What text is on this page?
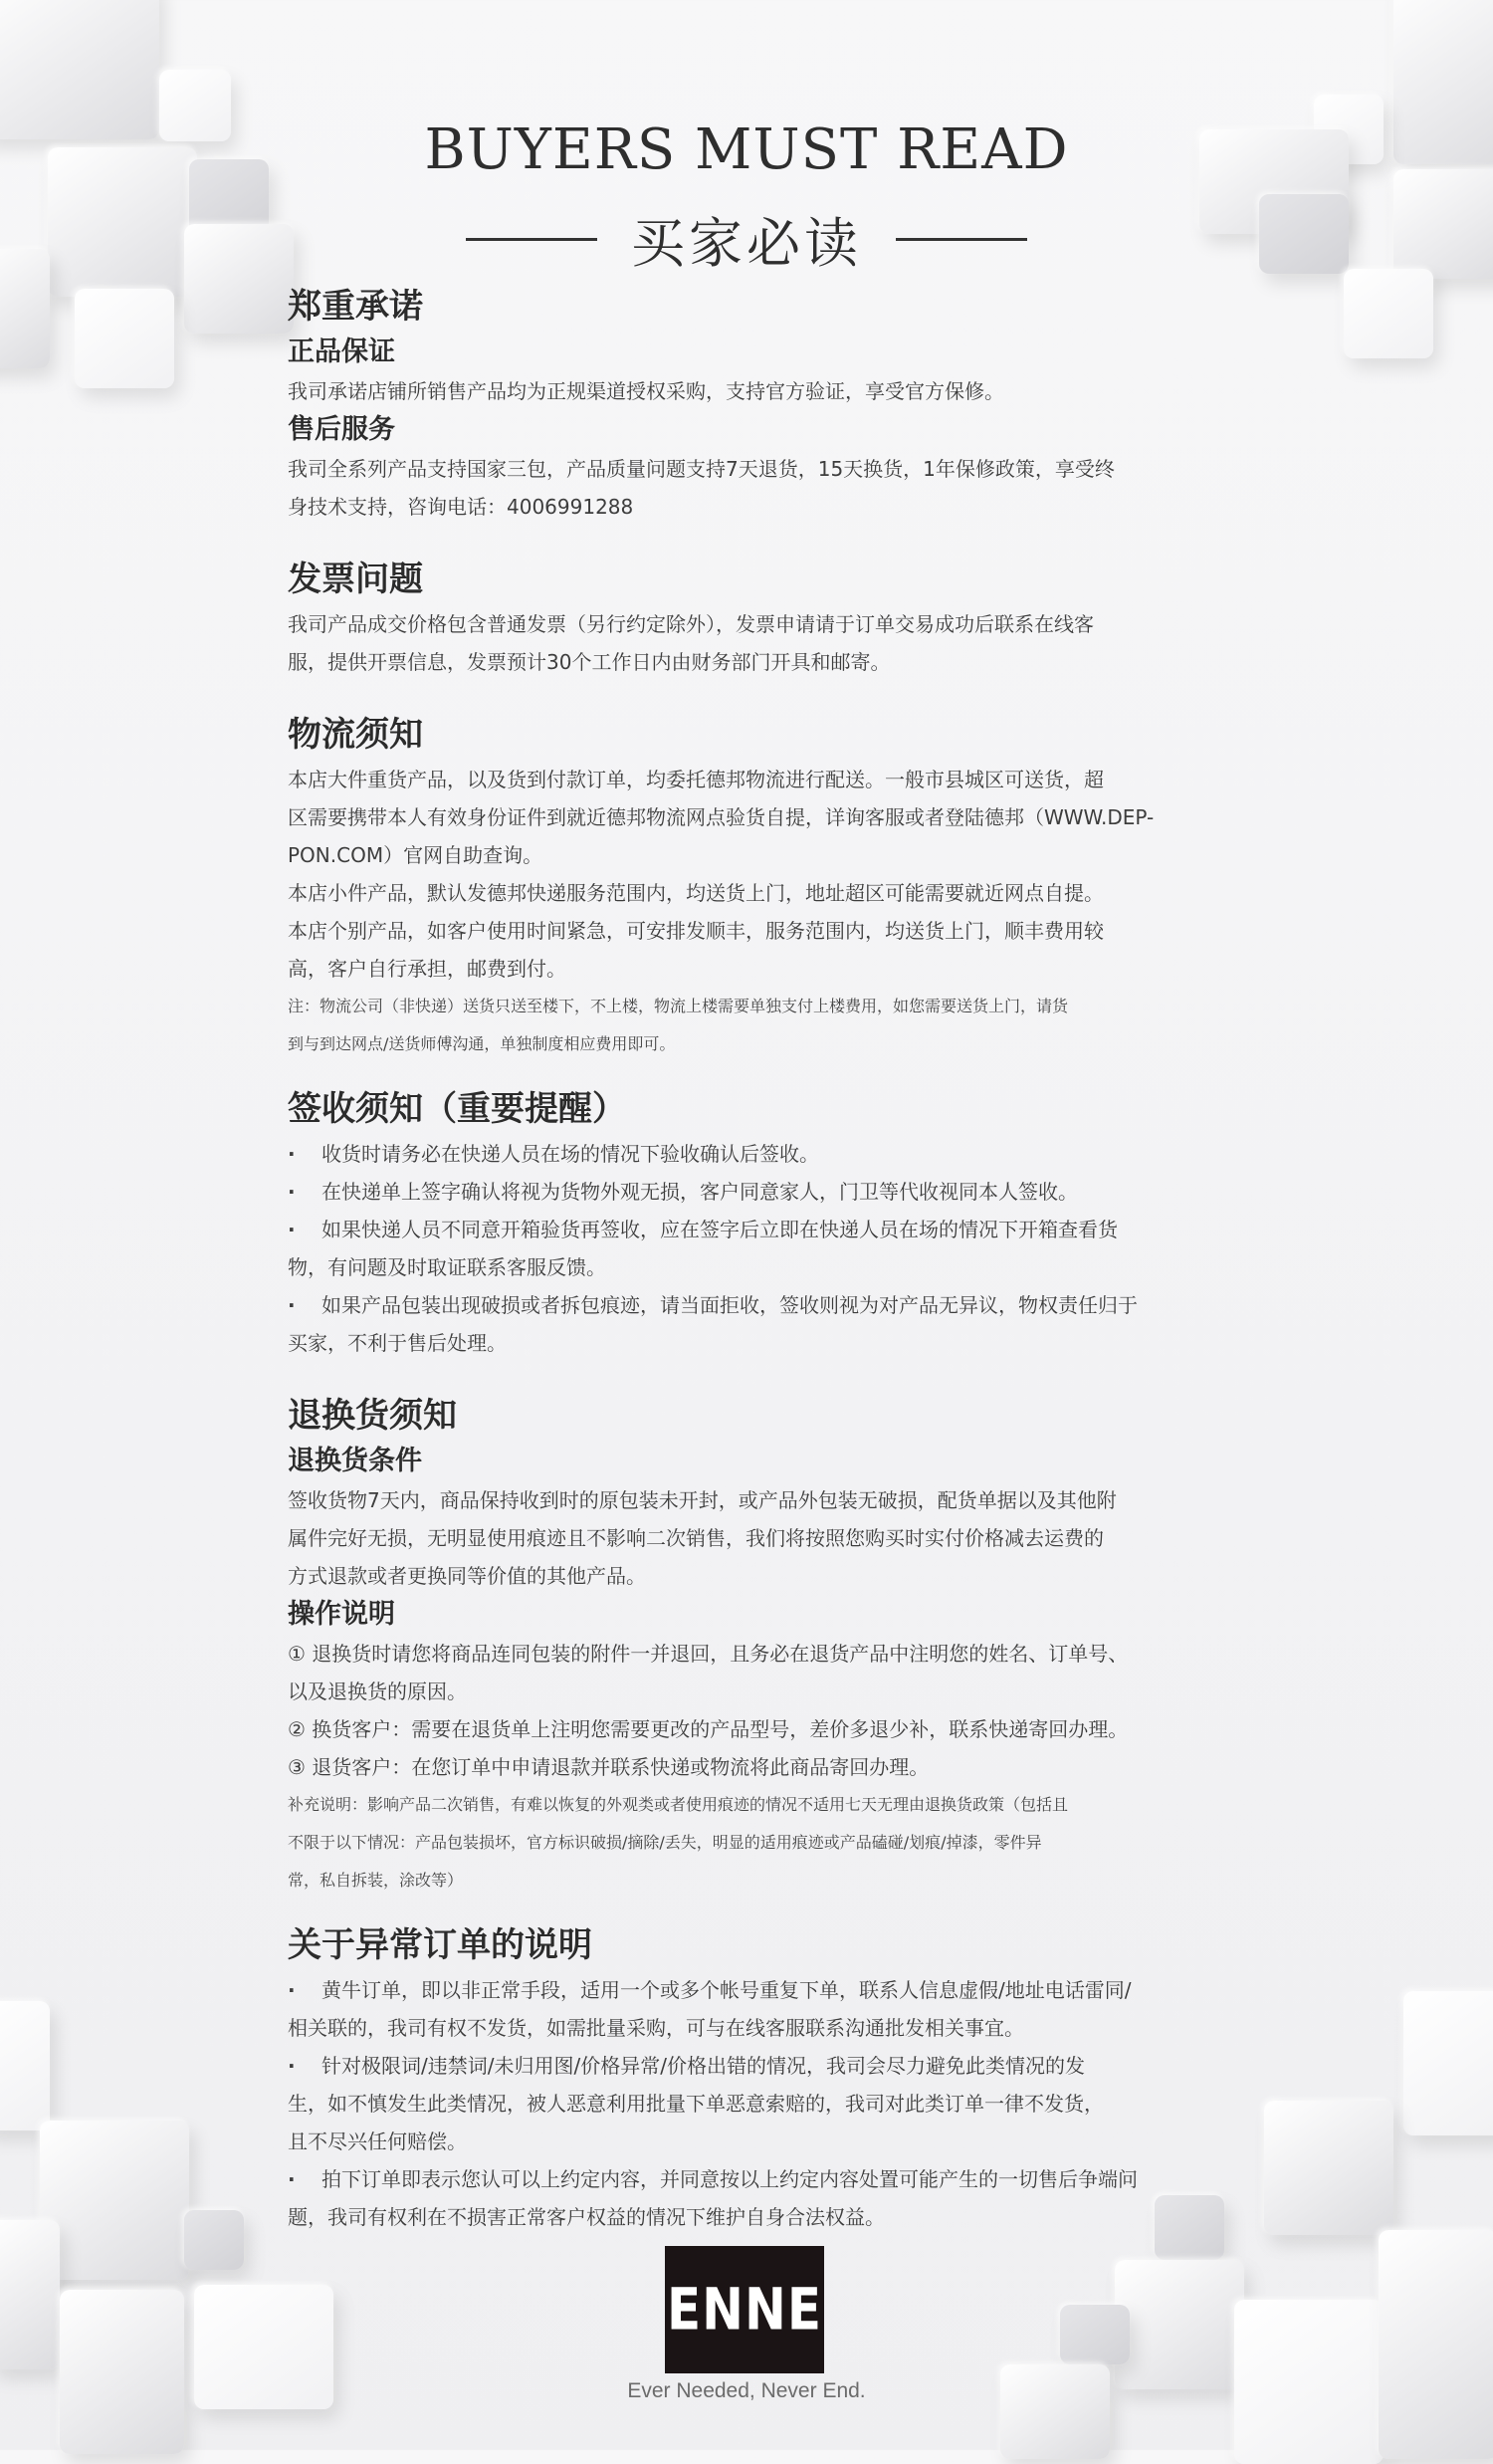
BUYERS MUST READ
买家必读
郑重承诺
正品保证

我司承诺店铺所销售产品均为正规渠道授权采购，支持官方验证，享受官方保修。

售后服务

我司全系列产品支持国家三包，产品质量问题支持7天退货，15天换货，1年保修政策，享受终

身技术支持，咨询电话：4006991288

发票问题

我司产品成交价格包含普通发票（另行约定除外），发票申请请于订单交易成功后联系在线客

服，提供开票信息，发票预计30个工作日内由财务部门开具和邮寄。

物流须知

本店大件重货产品，以及货到付款订单，均委托德邦物流进行配送。一般市县城区可送货，超

区需要携带本人有效身份证件到就近德邦物流网点验货自提，详询客服或者登陆德邦（WWW.DEP-

PON.COM）官网自助查询。

本店小件产品，默认发德邦快递服务范围内，均送货上门，地址超区可能需要就近网点自提。

本店个别产品，如客户使用时间紧急，可安排发顺丰，服务范围内，均送货上门，顺丰费用较

高，客户自行承担，邮费到付。

注：物流公司（非快递）送货只送至楼下，不上楼，物流上楼需要单独支付上楼费用，如您需要送货上门，请货

到与到达网点/送货师傅沟通，单独制度相应费用即可。

签收须知（重要提醒）

· 收货时请务必在快递人员在场的情况下验收确认后签收。

· 在快递单上签字确认将视为货物外观无损，客户同意家人，门卫等代收视同本人签收。

· 如果快递人员不同意开箱验货再签收，应在签字后立即在快递人员在场的情况下开箱查看货

物，有问题及时取证联系客服反馈。

· 如果产品包装出现破损或者拆包痕迹，请当面拒收，签收则视为对产品无异议，物权责任归于

买家，不利于售后处理。

退换货须知
退换货条件

签收货物7天内，商品保持收到时的原包装未开封，或产品外包装无破损，配货单据以及其他附

属件完好无损，无明显使用痕迹且不影响二次销售，我们将按照您购买时实付价格减去运费的

方式退款或者更换同等价值的其他产品。

操作说明

① 退换货时请您将商品连同包装的附件一并退回，且务必在退货产品中注明您的姓名、订单号、

以及退换货的原因。

② 换货客户：需要在退货单上注明您需要更改的产品型号，差价多退少补，联系快递寄回办理。

③ 退货客户：在您订单中申请退款并联系快递或物流将此商品寄回办理。

补充说明：影响产品二次销售，有难以恢复的外观类或者使用痕迹的情况不适用七天无理由退换货政策（包括且

不限于以下情况：产品包装损坏，官方标识破损/摘除/丢失，明显的适用痕迹或产品磕碰/划痕/掉漆，零件异

常，私自拆装，涂改等）

关于异常订单的说明

· 黄牛订单，即以非正常手段，适用一个或多个帐号重复下单，联系人信息虚假/地址电话雷同/

相关联的，我司有权不发货，如需批量采购，可与在线客服联系沟通批发相关事宜。

· 针对极限词/违禁词/未归用图/价格异常/价格出错的情况，我司会尽力避免此类情况的发

生，如不慎发生此类情况，被人恶意利用批量下单恶意索赔的，我司对此类订单一律不发货，

且不尽兴任何赔偿。

· 拍下订单即表示您认可以上约定内容，并同意按以上约定内容处置可能产生的一切售后争端问

题，我司有权利在不损害正常客户权益的情况下维护自身合法权益。

ENNE
Ever Needed, Never End.
